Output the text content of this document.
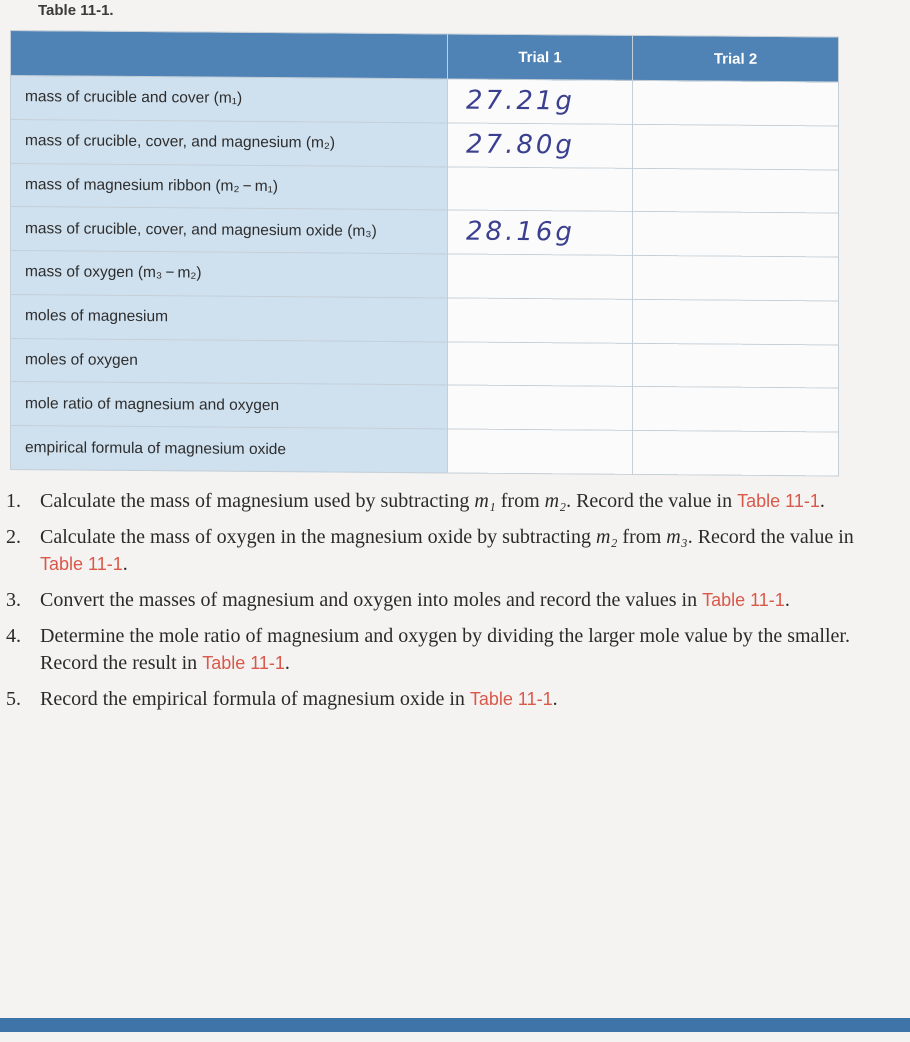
Table 11-1.
	Trial 1	Trial 2
mass of crucible and cover (m₁)	27.21g	

mass of crucible, cover, and magnesium (m₂)	27.80g	

mass of magnesium ribbon (m₂ − m₁)		
mass of crucible, cover, and magnesium oxide (m₃)	28.16g	

mass of oxygen (m₃ − m₂)		
moles of magnesium		
moles of oxygen		
mole ratio of magnesium and oxygen		
empirical formula of magnesium oxide		
1. Calculate the mass of magnesium used by subtracting m₁ from m₂. Record the value in Table 11-1.
2. Calculate the mass of oxygen in the magnesium oxide by subtracting m₂ from m₃. Record the value in Table 11-1.
3. Convert the masses of magnesium and oxygen into moles and record the values in Table 11-1.
4. Determine the mole ratio of magnesium and oxygen by dividing the larger mole value by the smaller. Record the result in Table 11-1.
5. Record the empirical formula of magnesium oxide in Table 11-1.
